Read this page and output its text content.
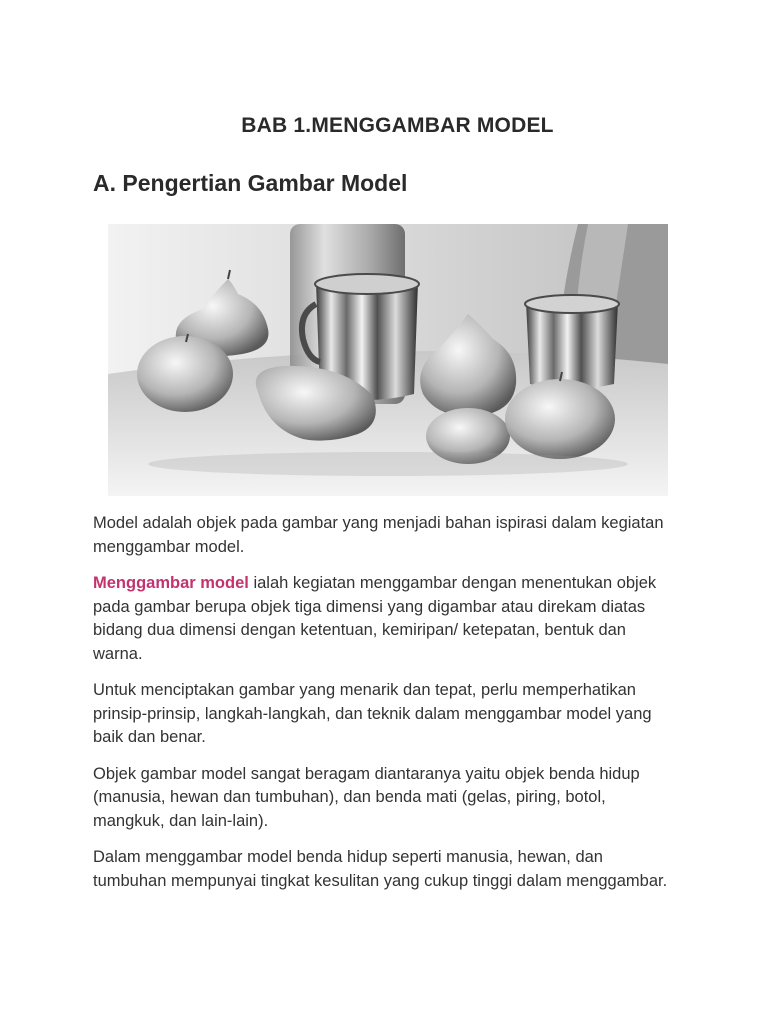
BAB 1.MENGGAMBAR MODEL
A. Pengertian Gambar Model

Model adalah objek pada gambar yang menjadi bahan ispirasi dalam kegiatan menggambar model.

Menggambar model ialah kegiatan menggambar dengan menentukan objek pada gambar berupa objek tiga dimensi yang digambar atau direkam diatas bidang dua dimensi dengan ketentuan, kemiripan/ ketepatan, bentuk dan warna.

Untuk menciptakan gambar yang menarik dan tepat, perlu memperhatikan prinsip-prinsip, langkah-langkah, dan teknik dalam menggambar model yang baik dan benar.

Objek gambar model sangat beragam diantaranya yaitu objek benda hidup (manusia, hewan dan tumbuhan), dan benda mati (gelas, piring, botol, mangkuk, dan lain-lain).

Dalam menggambar model benda hidup seperti manusia, hewan, dan tumbuhan mempunyai tingkat kesulitan yang cukup tinggi dalam menggambar.
